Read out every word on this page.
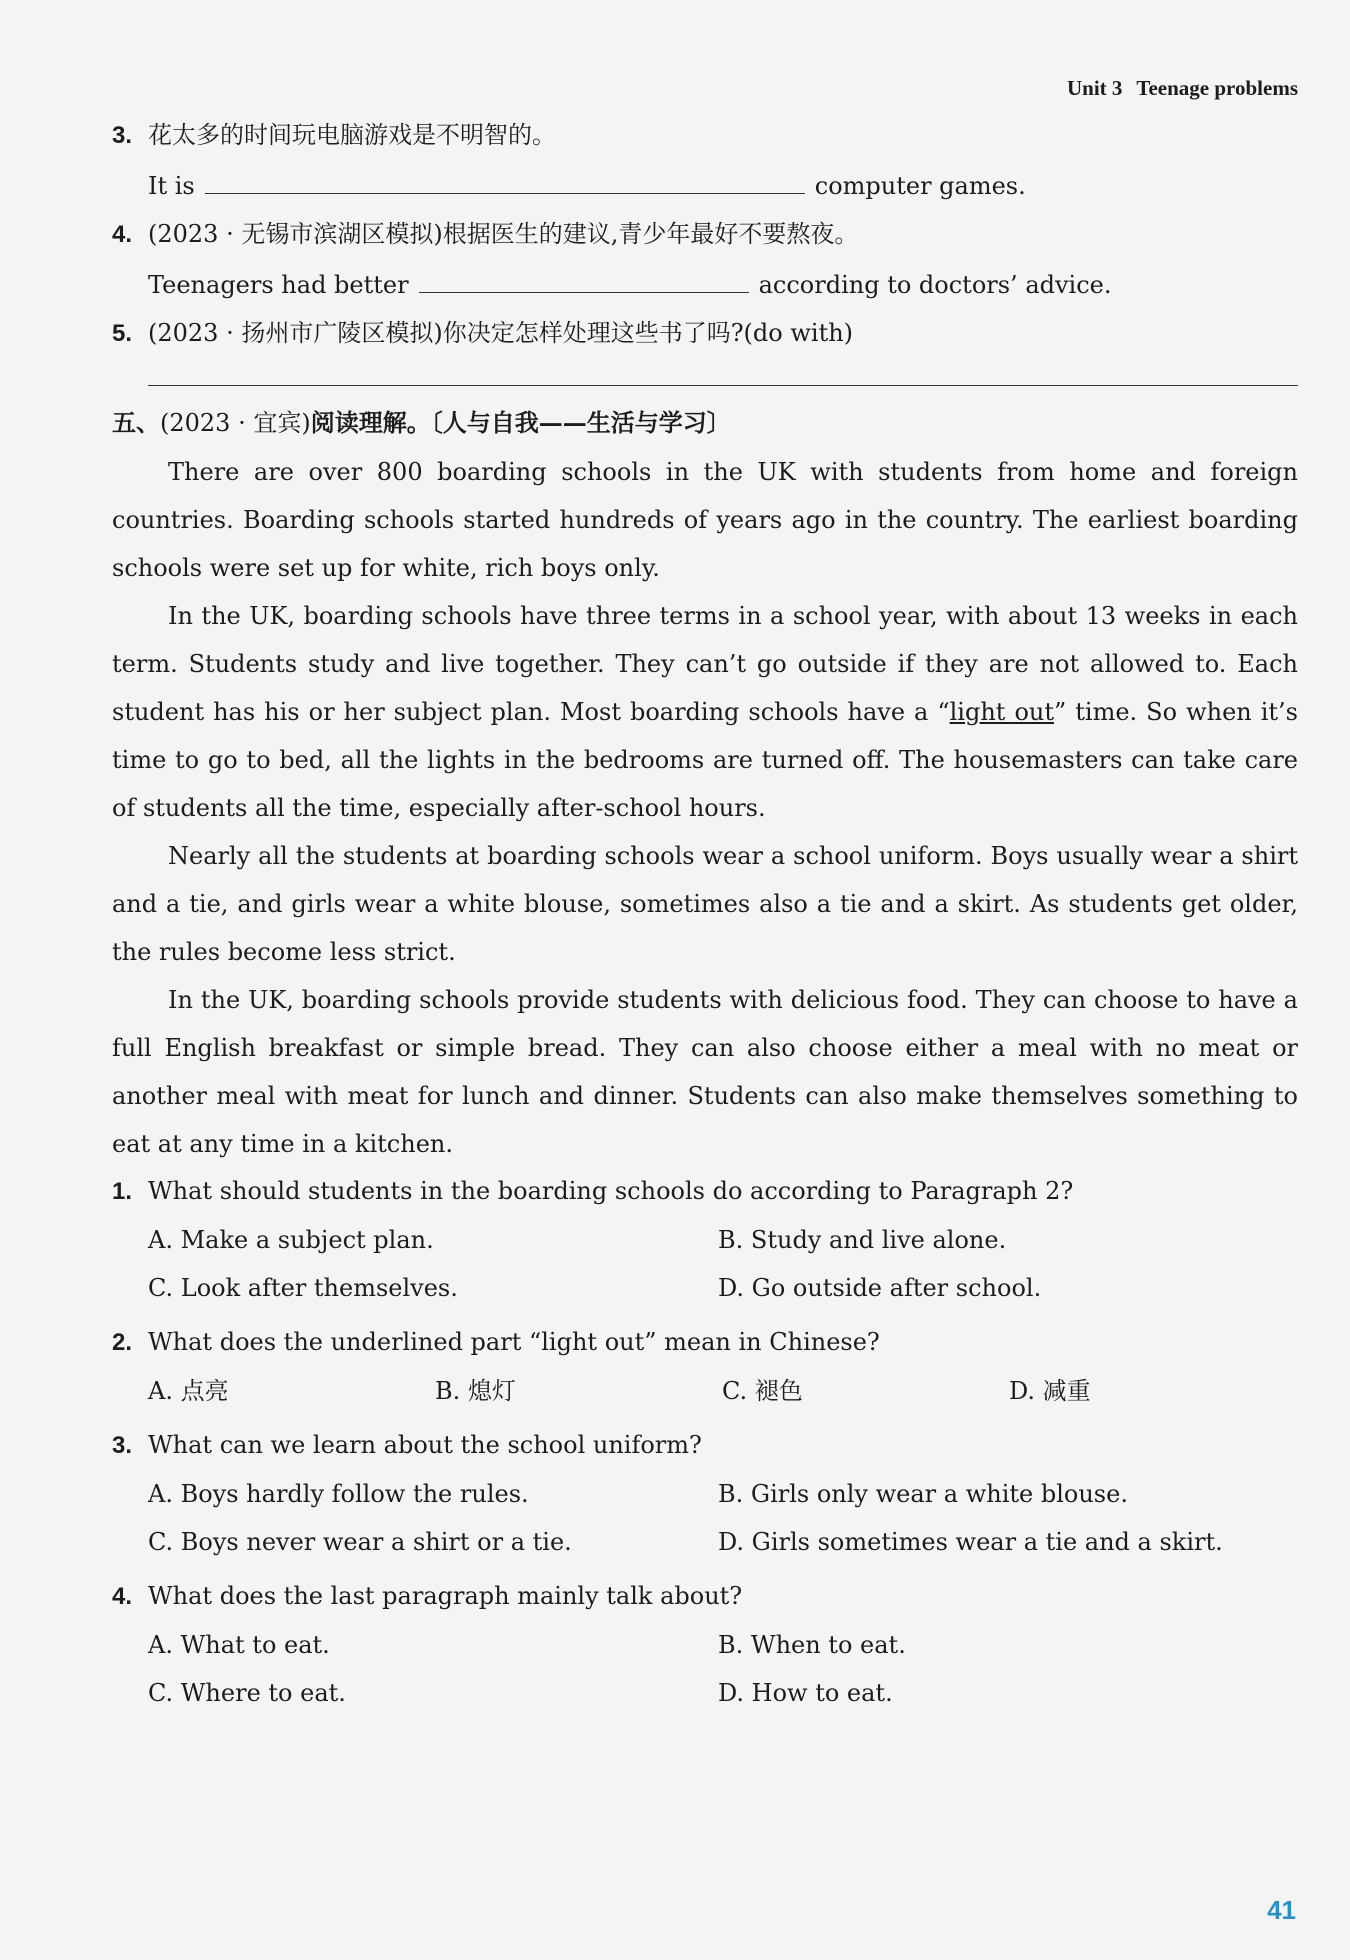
Unit 3 Teenage problems
3. 花太多的时间玩电脑游戏是不明智的。
It is	computer games.
4. (2023 · 无锡市滨湖区模拟)根据医生的建议,青少年最好不要熬夜。
Teenagers had better	according to doctors’ advice.
5. (2023 · 扬州市广陵区模拟)你决定怎样处理这些书了吗?(do with)
五、(2023 · 宜宾)阅读理解。〔人与自我——生活与学习〕

There are over 800 boarding schools in the UK with students from home and foreign countries. Boarding schools started hundreds of years ago in the country. The earliest boarding schools were set up for white, rich boys only.

In the UK, boarding schools have three terms in a school year, with about 13 weeks in each term. Students study and live together. They can’t go outside if they are not allowed to. Each student has his or her subject plan. Most boarding schools have a “light out” time. So when it’s time to go to bed, all the lights in the bedrooms are turned off. The housemasters can take care of students all the time, especially after-school hours.

Nearly all the students at boarding schools wear a school uniform. Boys usually wear a shirt and a tie, and girls wear a white blouse, sometimes also a tie and a skirt. As students get older, the rules become less strict.

In the UK, boarding schools provide students with delicious food. They can choose to have a full English breakfast or simple bread. They can also choose either a meal with no meat or another meal with meat for lunch and dinner. Students can also make themselves something to eat at any time in a kitchen.

1. What should students in the boarding schools do according to Paragraph 2?
A. Make a subject plan.	B. Study and live alone.
C. Look after themselves.	D. Go outside after school.
2. What does the underlined part “light out” mean in Chinese?
A. 点亮	B. 熄灯	C. 褪色	D. 减重
3. What can we learn about the school uniform?
A. Boys hardly follow the rules.	B. Girls only wear a white blouse.
C. Boys never wear a shirt or a tie.	D. Girls sometimes wear a tie and a skirt.
4. What does the last paragraph mainly talk about?
A. What to eat.	B. When to eat.
C. Where to eat.	D. How to eat.
41
